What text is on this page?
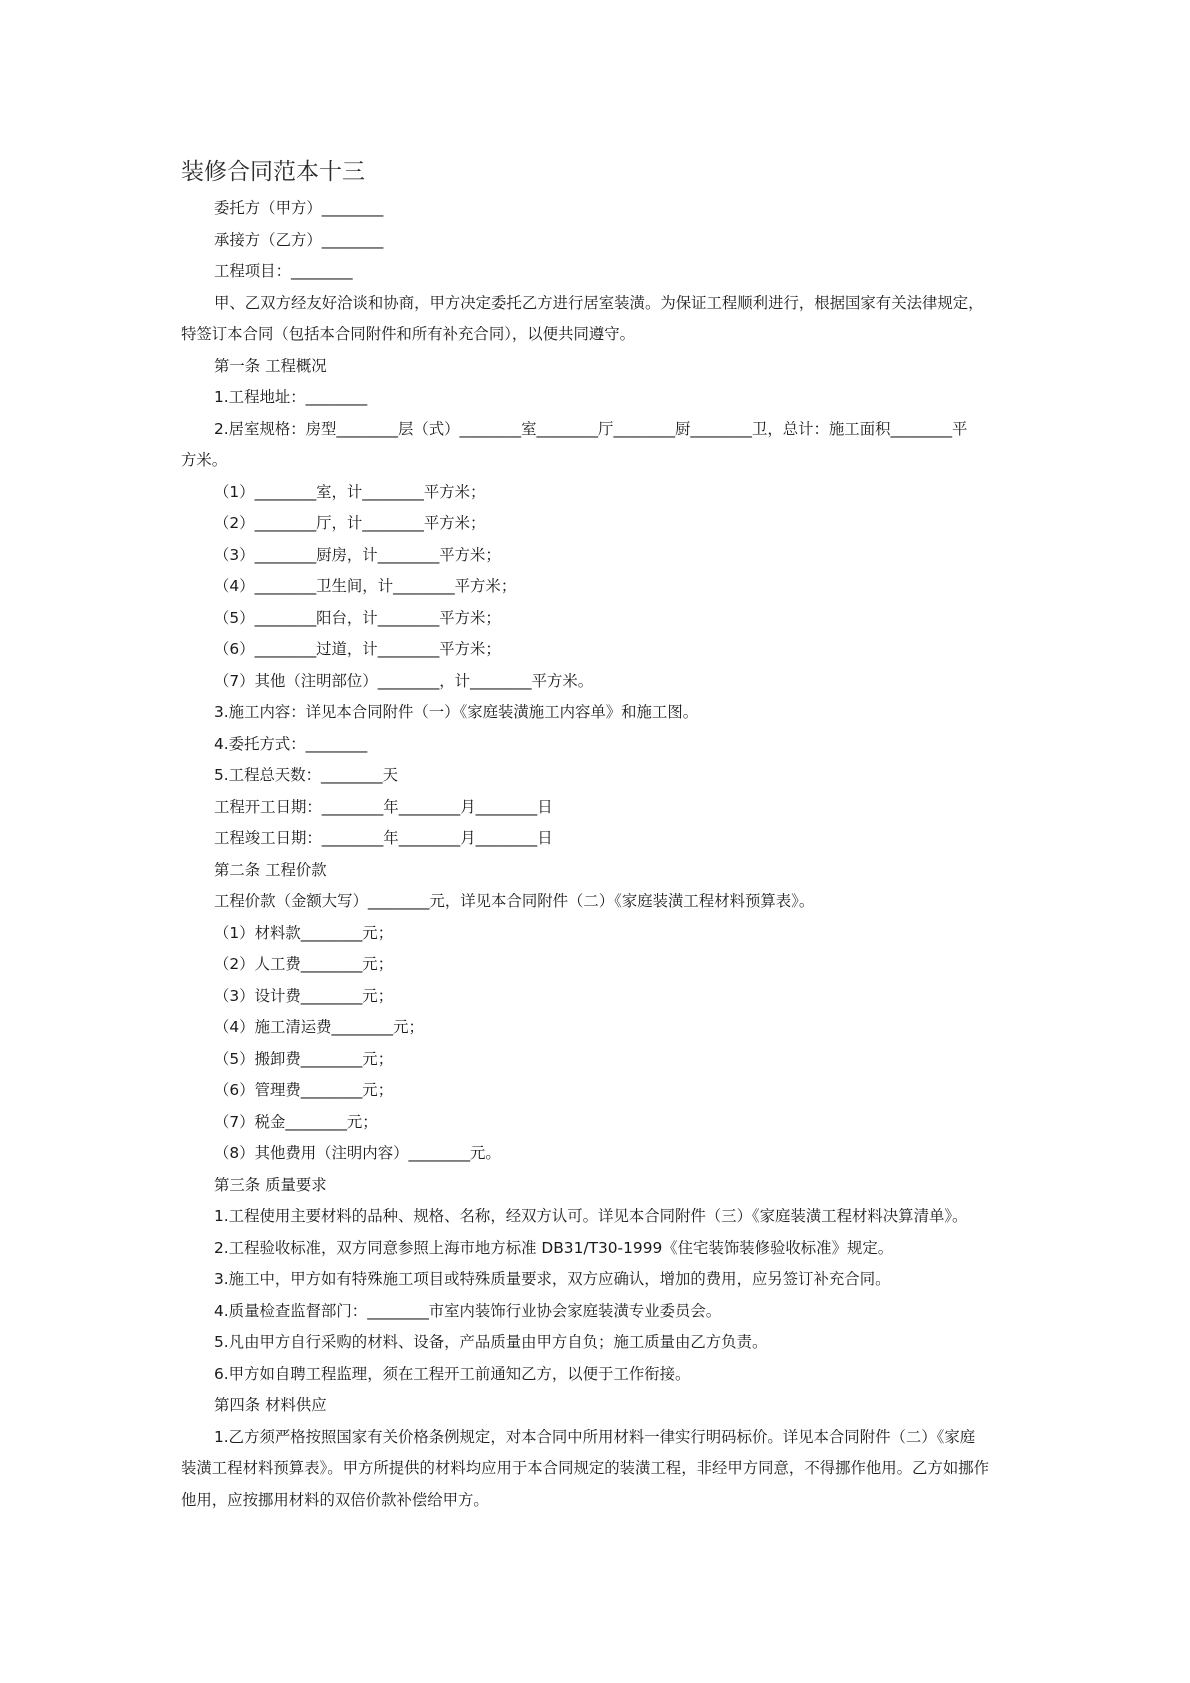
装修合同范本十三

委托方（甲方）________

承接方（乙方）________

工程项目：________

甲、乙双方经友好洽谈和协商，甲方决定委托乙方进行居室装潢。为保证工程顺利进行，根据国家有关法律规定，

特签订本合同（包括本合同附件和所有补充合同），以便共同遵守。

第一条 工程概况

1.工程地址：________

2.居室规格：房型________层（式）________室________厅________厨________卫，总计：施工面积________平

方米。

（1）________室，计________平方米；

（2）________厅，计________平方米；

（3）________厨房，计________平方米；

（4）________卫生间，计________平方米；

（5）________阳台，计________平方米；

（6）________过道，计________平方米；

（7）其他（注明部位）________，计________平方米。

3.施工内容：详见本合同附件（一）《家庭装潢施工内容单》和施工图。

4.委托方式：________

5.工程总天数：________天

工程开工日期：________年________月________日

工程竣工日期：________年________月________日

第二条 工程价款

工程价款（金额大写）________元，详见本合同附件（二）《家庭装潢工程材料预算表》。

（1）材料款________元；

（2）人工费________元；

（3）设计费________元；

（4）施工清运费________元；

（5）搬卸费________元；

（6）管理费________元；

（7）税金________元；

（8）其他费用（注明内容）________元。

第三条 质量要求

1.工程使用主要材料的品种、规格、名称，经双方认可。详见本合同附件（三）《家庭装潢工程材料决算清单》。

2.工程验收标准，双方同意参照上海市地方标准 DB31/T30-1999《住宅装饰装修验收标准》规定。

3.施工中，甲方如有特殊施工项目或特殊质量要求，双方应确认，增加的费用，应另签订补充合同。

4.质量检查监督部门：________市室内装饰行业协会家庭装潢专业委员会。

5.凡由甲方自行采购的材料、设备，产品质量由甲方自负；施工质量由乙方负责。

6.甲方如自聘工程监理，须在工程开工前通知乙方，以便于工作衔接。

第四条 材料供应

1.乙方须严格按照国家有关价格条例规定，对本合同中所用材料一律实行明码标价。详见本合同附件（二）《家庭

装潢工程材料预算表》。甲方所提供的材料均应用于本合同规定的装潢工程，非经甲方同意，不得挪作他用。乙方如挪作

他用，应按挪用材料的双倍价款补偿给甲方。
